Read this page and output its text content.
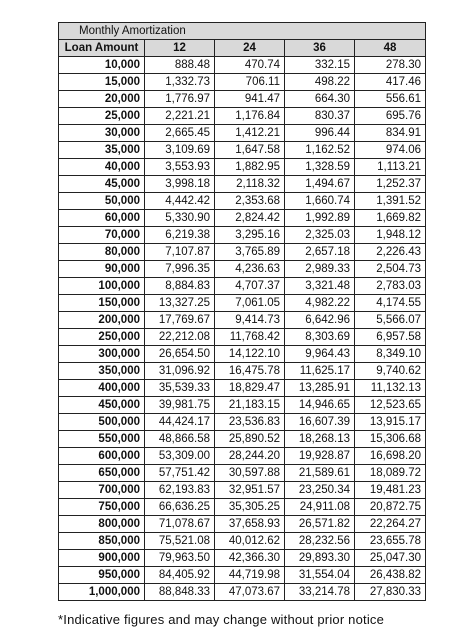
Monthly Amortization				
Loan Amount	12	24	36	48
10,000	888.48	470.74	332.15	278.30
15,000	1,332.73	706.11	498.22	417.46
20,000	1,776.97	941.47	664.30	556.61
25,000	2,221.21	1,176.84	830.37	695.76
30,000	2,665.45	1,412.21	996.44	834.91
35,000	3,109.69	1,647.58	1,162.52	974.06
40,000	3,553.93	1,882.95	1,328.59	1,113.21
45,000	3,998.18	2,118.32	1,494.67	1,252.37
50,000	4,442.42	2,353.68	1,660.74	1,391.52
60,000	5,330.90	2,824.42	1,992.89	1,669.82
70,000	6,219.38	3,295.16	2,325.03	1,948.12
80,000	7,107.87	3,765.89	2,657.18	2,226.43
90,000	7,996.35	4,236.63	2,989.33	2,504.73
100,000	8,884.83	4,707.37	3,321.48	2,783.03
150,000	13,327.25	7,061.05	4,982.22	4,174.55
200,000	17,769.67	9,414.73	6,642.96	5,566.07
250,000	22,212.08	11,768.42	8,303.69	6,957.58
300,000	26,654.50	14,122.10	9,964.43	8,349.10
350,000	31,096.92	16,475.78	11,625.17	9,740.62
400,000	35,539.33	18,829.47	13,285.91	11,132.13
450,000	39,981.75	21,183.15	14,946.65	12,523.65
500,000	44,424.17	23,536.83	16,607.39	13,915.17
550,000	48,866.58	25,890.52	18,268.13	15,306.68
600,000	53,309.00	28,244.20	19,928.87	16,698.20
650,000	57,751.42	30,597.88	21,589.61	18,089.72
700,000	62,193.83	32,951.57	23,250.34	19,481.23
750,000	66,636.25	35,305.25	24,911.08	20,872.75
800,000	71,078.67	37,658.93	26,571.82	22,264.27
850,000	75,521.08	40,012.62	28,232.56	23,655.78
900,000	79,963.50	42,366.30	29,893.30	25,047.30
950,000	84,405.92	44,719.98	31,554.04	26,438.82
1,000,000	88,848.33	47,073.67	33,214.78	27,830.33
*Indicative figures and may change without prior notice
